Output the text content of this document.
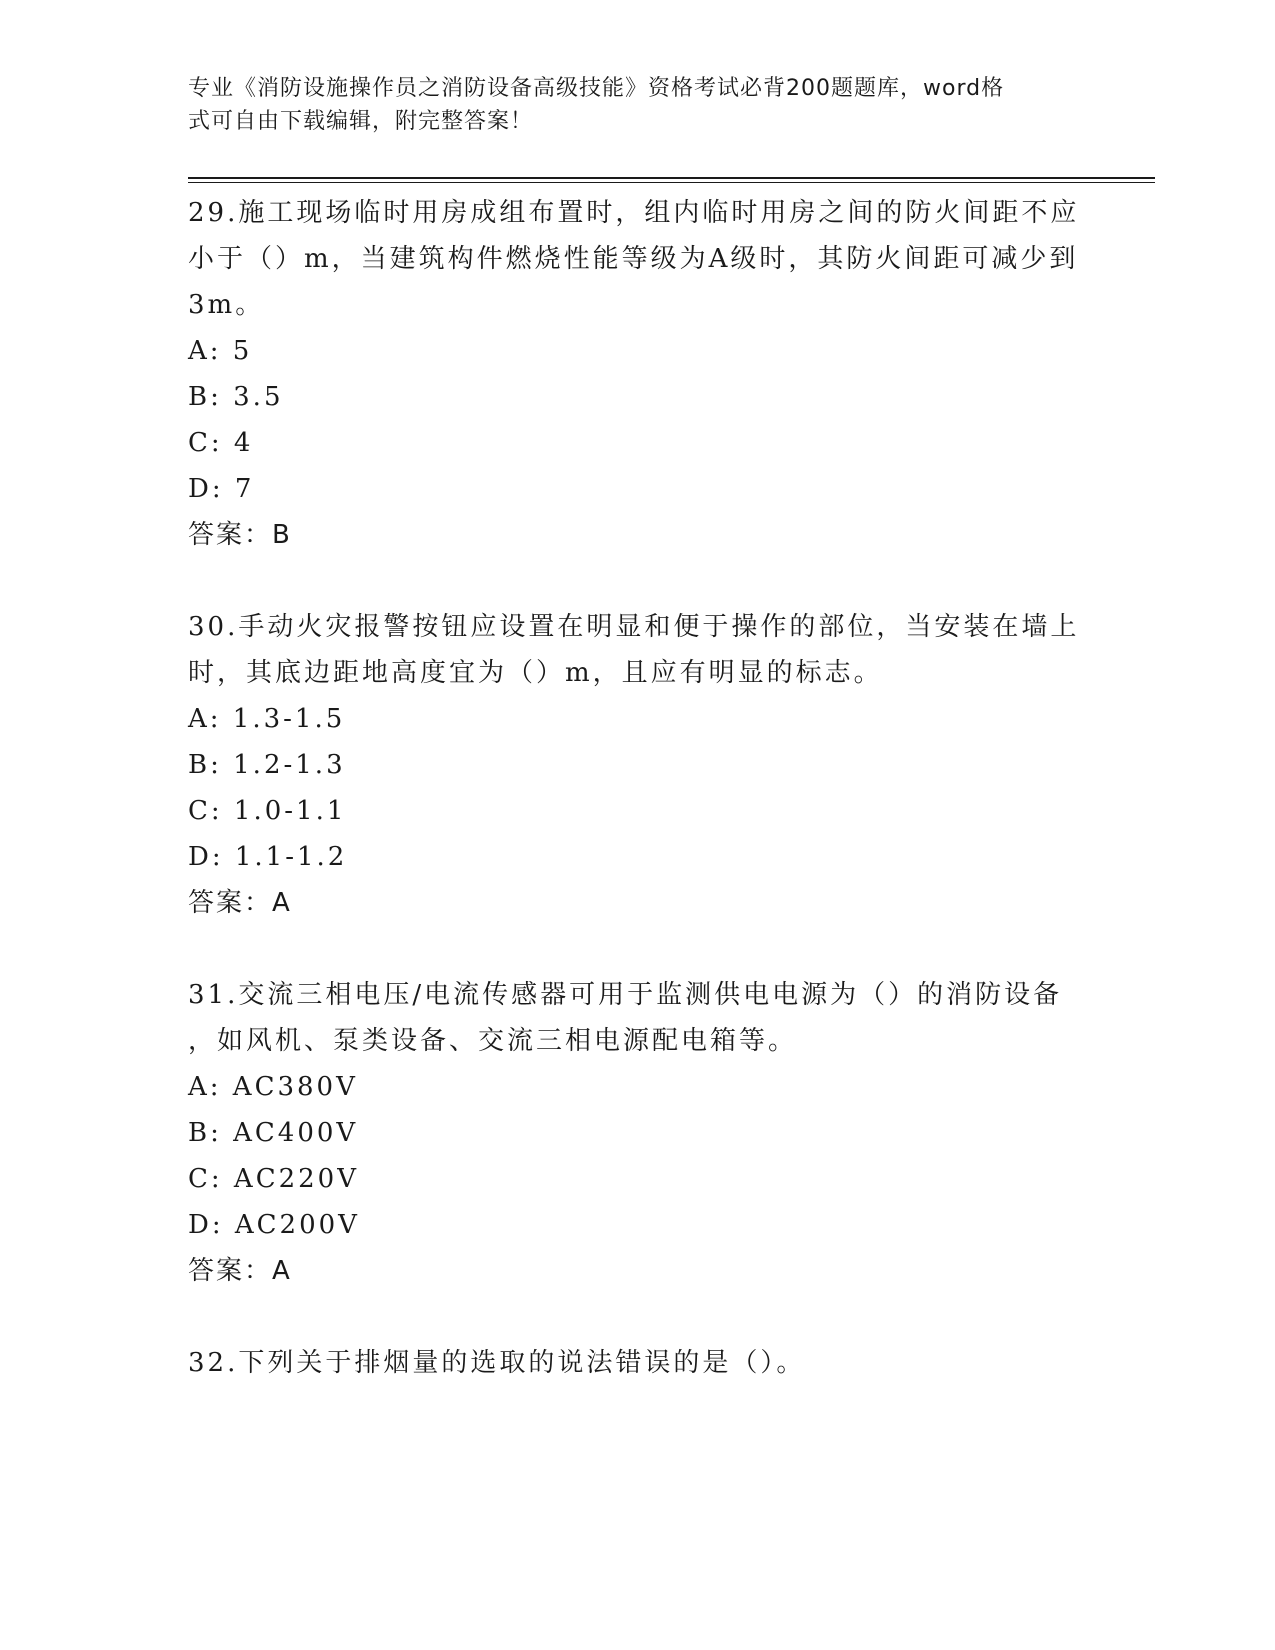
专业《消防设施操作员之消防设备高级技能》资格考试必背200题题库，word格
式可自由下载编辑，附完整答案！

29.施工现场临时用房成组布置时，组内临时用房之间的防火间距不应

小于（）m，当建筑构件燃烧性能等级为A级时，其防火间距可减少到

3m。

A: 5

B: 3.5

C: 4

D: 7

答案：B

30.手动火灾报警按钮应设置在明显和便于操作的部位，当安装在墙上

时，其底边距地高度宜为（）m，且应有明显的标志。

A: 1.3-1.5

B: 1.2-1.3

C: 1.0-1.1

D: 1.1-1.2

答案：A

31.交流三相电压/电流传感器可用于监测供电电源为（）的消防设备

，如风机、泵类设备、交流三相电源配电箱等。

A: AC380V

B: AC400V

C: AC220V

D: AC200V

答案：A

32.下列关于排烟量的选取的说法错误的是（）。
